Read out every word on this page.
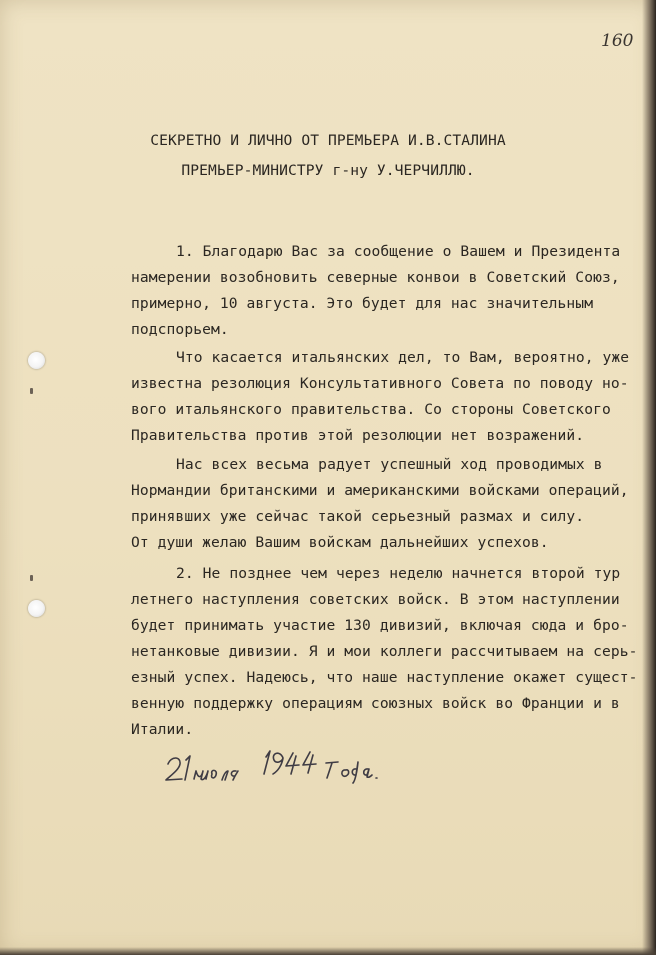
160
СЕКРЕТНО И ЛИЧНО ОТ ПРЕМЬЕРА И.В.СТАЛИНА
ПРЕМЬЕР-МИНИСТРУ г-ну У.ЧЕРЧИЛЛЮ.
1. Благодарю Вас за сообщение о Вашем и Президента
намерении возобновить северные конвои в Советский Союз,
примерно, 10 августа. Это будет для нас значительным
подспорьем.
Что касается итальянских дел, то Вам, вероятно, уже
известна резолюция Консультативного Совета по поводу но-
вого итальянского правительства. Со стороны Советского
Правительства против этой резолюции нет возражений.
Нас всех весьма радует успешный ход проводимых в
Нормандии британскими и американскими войсками операций,
принявших уже сейчас такой серьезный размах и силу.
От души желаю Вашим войскам дальнейших успехов.
2. Не позднее чем через неделю начнется второй тур
летнего наступления советских войск. В этом наступлении
будет принимать участие 130 дивизий, включая сюда и бро-
нетанковые дивизии. Я и мои коллеги рассчитываем на серь-
езный успех. Надеюсь, что наше наступление окажет сущест-
венную поддержку операциям союзных войск во Франции и в
Италии.
